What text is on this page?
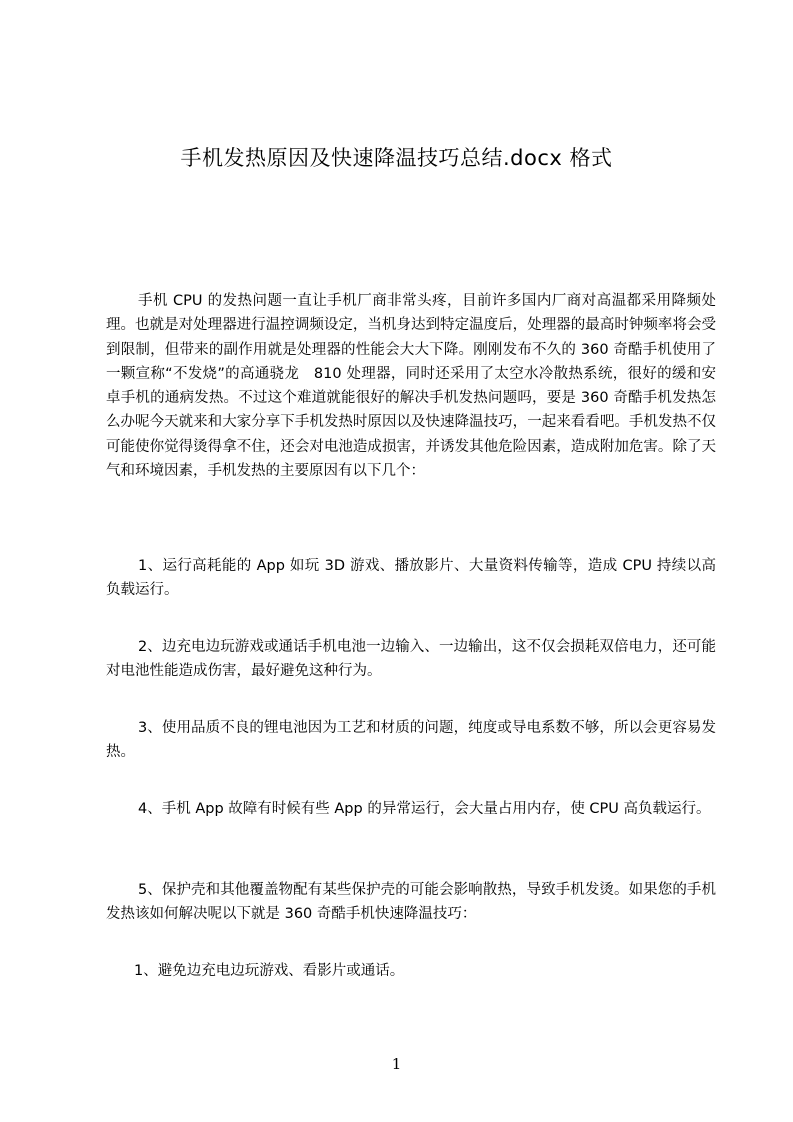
手机发热原因及快速降温技巧总结.docx 格式

手机 CPU 的发热问题一直让手机厂商非常头疼，目前许多国内厂商对高温都采用降频处理。也就是对处理器进行温控调频设定，当机身达到特定温度后，处理器的最高时钟频率将会受到限制，但带来的副作用就是处理器的性能会大大下降。刚刚发布不久的 360 奇酷手机使用了一颗宣称“不发烧”的高通骁龙　810 处理器，同时还采用了太空水冷散热系统，很好的缓和安卓手机的通病发热。不过这个难道就能很好的解决手机发热问题吗，要是 360 奇酷手机发热怎么办呢今天就来和大家分享下手机发热时原因以及快速降温技巧，一起来看看吧。手机发热不仅可能使你觉得烫得拿不住，还会对电池造成损害，并诱发其他危险因素，造成附加危害。除了天气和环境因素，手机发热的主要原因有以下几个：

1、运行高耗能的 App 如玩 3D 游戏、播放影片、大量资料传输等，造成 CPU 持续以高负载运行。

2、边充电边玩游戏或通话手机电池一边输入、一边输出，这不仅会损耗双倍电力，还可能对电池性能造成伤害，最好避免这种行为。

3、使用品质不良的锂电池因为工艺和材质的问题，纯度或导电系数不够，所以会更容易发热。

4、手机 App 故障有时候有些 App 的异常运行，会大量占用内存，使 CPU 高负载运行。

5、保护壳和其他覆盖物配有某些保护壳的可能会影响散热，导致手机发烫。如果您的手机发热该如何解决呢以下就是 360 奇酷手机快速降温技巧：

1、避免边充电边玩游戏、看影片或通话。

1
